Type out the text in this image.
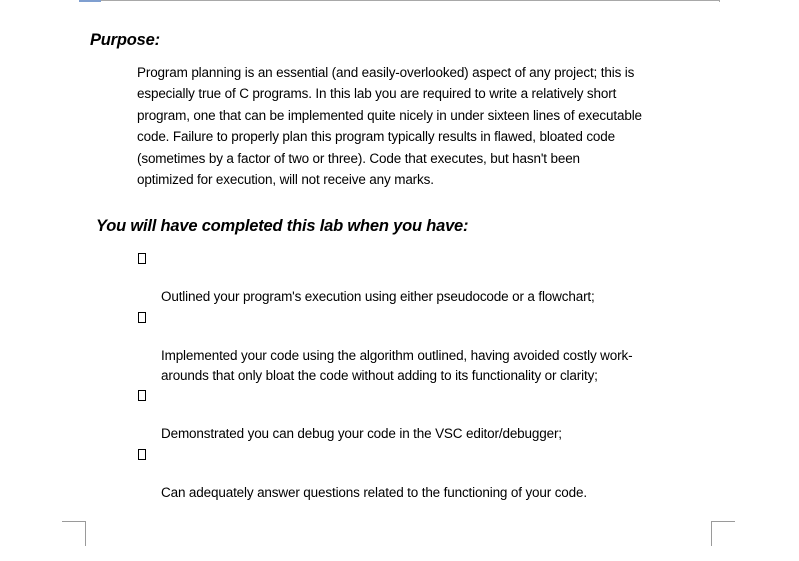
Purpose:
Program planning is an essential (and easily-overlooked) aspect of any project; this is
especially true of C programs. In this lab you are required to write a relatively short
program, one that can be implemented quite nicely in under sixteen lines of executable
code. Failure to properly plan this program typically results in flawed, bloated code
(sometimes by a factor of two or three). Code that executes, but hasn't been
optimized for execution, will not receive any marks.
You will have completed this lab when you have:

Outlined your program's execution using either pseudocode or a flowchart;

Implemented your code using the algorithm outlined, having avoided costly work-
arounds that only bloat the code without adding to its functionality or clarity;

Demonstrated you can debug your code in the VSC editor/debugger;

Can adequately answer questions related to the functioning of your code.
